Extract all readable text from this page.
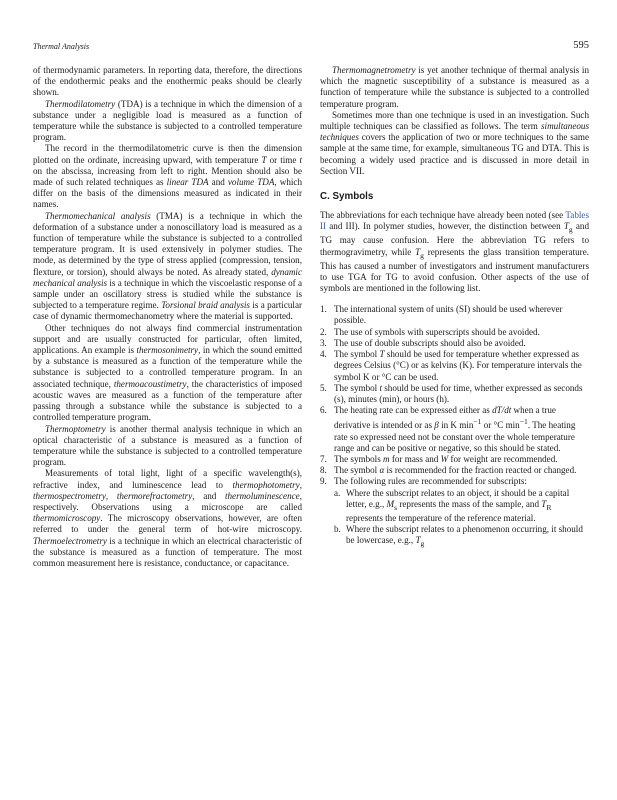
Thermal Analysis	595

of thermodynamic parameters. In reporting data, therefore, the directions of the endothermic peaks and the enothermic peaks should be clearly shown.

Thermodilatometry (TDA) is a technique in which the dimension of a substance under a negligible load is measured as a function of temperature while the substance is subjected to a controlled temperature program.

The record in the thermodilatometric curve is then the dimension plotted on the ordinate, increasing upward, with temperature T or time t on the abscissa, increasing from left to right. Mention should also be made of such related techniques as linear TDA and volume TDA, which differ on the basis of the dimensions measured as indicated in their names.

Thermomechanical analysis (TMA) is a technique in which the deformation of a substance under a nonoscillatory load is measured as a function of temperature while the substance is subjected to a controlled temperature program. It is used extensively in polymer studies. The mode, as determined by the type of stress applied (compression, tension, flexture, or torsion), should always be noted. As already stated, dynamic mechanical analysis is a technique in which the viscoelastic response of a sample under an oscillatory stress is studied while the substance is subjected to a temperature regime. Torsional braid analysis is a particular case of dynamic thermomechanometry where the material is supported.

Other techniques do not always find commercial instrumentation support and are usually constructed for particular, often limited, applications. An example is thermosonimetry, in which the sound emitted by a substance is measured as a function of the temperature while the substance is subjected to a controlled temperature program. In an associated technique, thermoacoustimetry, the characteristics of imposed acoustic waves are measured as a function of the temperature after passing through a substance while the substance is subjected to a controlled temperature program.

Thermoptometry is another thermal analysis technique in which an optical characteristic of a substance is measured as a function of temperature while the substance is subjected to a controlled temperature program.

Measurements of total light, light of a specific wavelength(s), refractive index, and luminescence lead to thermophotometry, thermospectrometry, thermorefractometry, and thermoluminescence, respectively. Observations using a microscope are called thermomicroscopy. The microscopy observations, however, are often referred to under the general term of hot-wire microscopy. Thermoelectrometry is a technique in which an electrical characteristic of the substance is measured as a function of temperature. The most common measurement here is resistance, conductance, or capacitance.

Thermomagnetrometry is yet another technique of thermal analysis in which the magnetic susceptibility of a substance is measured as a function of temperature while the substance is subjected to a controlled temperature program.

Sometimes more than one technique is used in an investigation. Such multiple techniques can be classified as follows. The term simultaneous techniques covers the application of two or more techniques to the same sample at the same time, for example, simultaneous TG and DTA. This is becoming a widely used practice and is discussed in more detail in Section VII.

C. Symbols

The abbreviations for each technique have already been noted (see Tables II and III). In polymer studies, however, the distinction between $T_g$ and TG may cause confusion. Here the abbreviation TG refers to thermogravimetry, while $T_g$ represents the glass transition temperature. This has caused a number of investigators and instrument manufacturers to use TGA for TG to avoid confusion. Other aspects of the use of symbols are mentioned in the following list.

1. The international system of units (SI) should be used wherever possible.
2. The use of symbols with superscripts should be avoided.
3. The use of double subscripts should also be avoided.
4. The symbol T should be used for temperature whether expressed as degrees Celsius (°C) or as kelvins (K). For temperature intervals the symbol K or °C can be used.
5. The symbol t should be used for time, whether expressed as seconds (s), minutes (min), or hours (h).
6. The heating rate can be expressed either as dT/dt when a true derivative is intended or as β in K $\min^{-1}$ or °C $\min^{-1}$. The heating rate so expressed need not be constant over the whole temperature range and can be positive or negative, so this should be stated.
7. The symbols m for mass and W for weight are recommended.
8. The symbol α is recommended for the fraction reacted or changed.
9. The following rules are recommended for subscripts:
a. Where the subscript relates to an object, it should be a capital letter, e.g., $M_s$ represents the mass of the sample, and $T_R$ represents the temperature of the reference material.
b. Where the subscript relates to a phenomenon occurring, it should be lowercase, e.g., $T_g$
